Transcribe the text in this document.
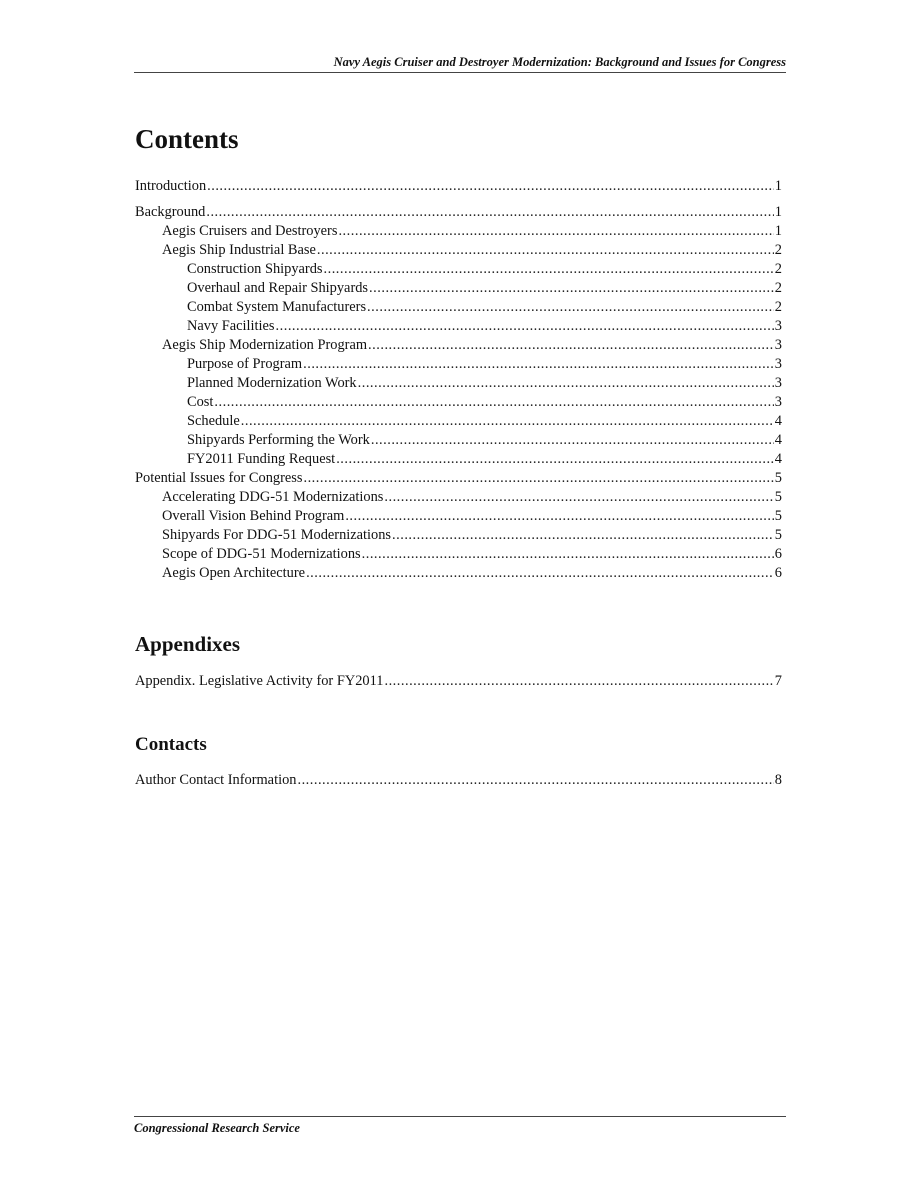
Navy Aegis Cruiser and Destroyer Modernization: Background and Issues for Congress
Contents
Introduction .....	1
Background .....	1
Aegis Cruisers and Destroyers .....	1
Aegis Ship Industrial Base .....	2
Construction Shipyards .....	2
Overhaul and Repair Shipyards .....	2
Combat System Manufacturers .....	2
Navy Facilities .....	3
Aegis Ship Modernization Program .....	3
Purpose of Program .....	3
Planned Modernization Work .....	3
Cost .....	3
Schedule .....	4
Shipyards Performing the Work .....	4
FY2011 Funding Request .....	4
Potential Issues for Congress .....	5
Accelerating DDG-51 Modernizations .....	5
Overall Vision Behind Program .....	5
Shipyards For DDG-51 Modernizations .....	5
Scope of DDG-51 Modernizations .....	6
Aegis Open Architecture .....	6
Appendixes
Appendix. Legislative Activity for FY2011 .....	7
Contacts
Author Contact Information .....	8
Congressional Research Service
